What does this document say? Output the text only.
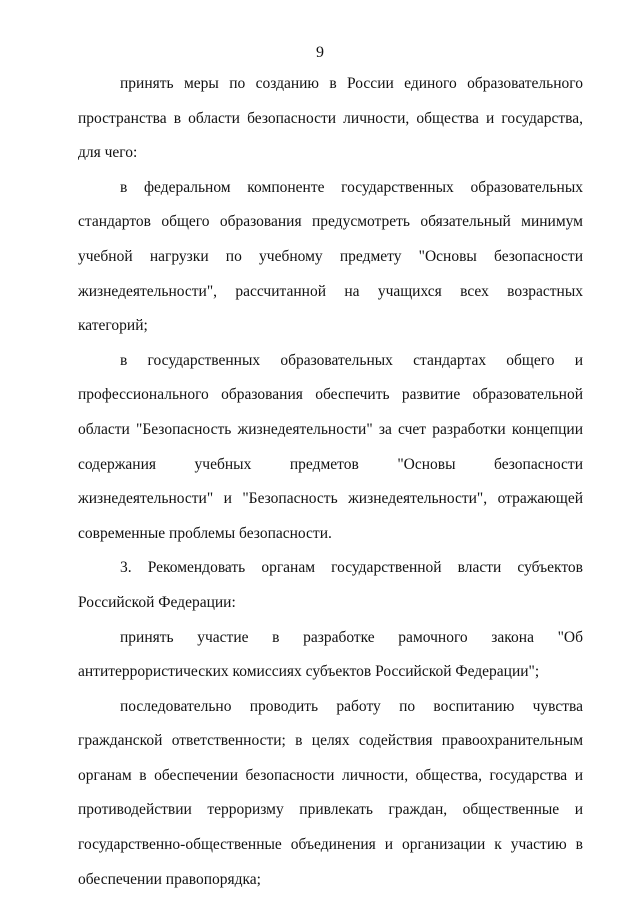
9

принять меры по созданию в России единого образовательного пространства в области безопасности личности, общества и государства, для чего:

в федеральном компоненте государственных образовательных стандартов общего образования предусмотреть обязательный минимум учебной нагрузки по учебному предмету "Основы безопасности жизнедеятельности", рассчитанной на учащихся всех возрастных категорий;

в государственных образовательных стандартах общего и профессионального образования обеспечить развитие образовательной области "Безопасность жизнедеятельности" за счет разработки концепции содержания учебных предметов "Основы безопасности жизнедеятельности" и "Безопасность жизнедеятельности", отражающей современные проблемы безопасности.

3. Рекомендовать органам государственной власти субъектов Российской Федерации:

принять участие в разработке рамочного закона "Об антитеррористических комиссиях субъектов Российской Федерации";

последовательно проводить работу по воспитанию чувства гражданской ответственности; в целях содействия правоохранительным органам в обеспечении безопасности личности, общества, государства и противодействии терроризму привлекать граждан, общественные и государственно-общественные объединения и организации к участию в обеспечении правопорядка;
